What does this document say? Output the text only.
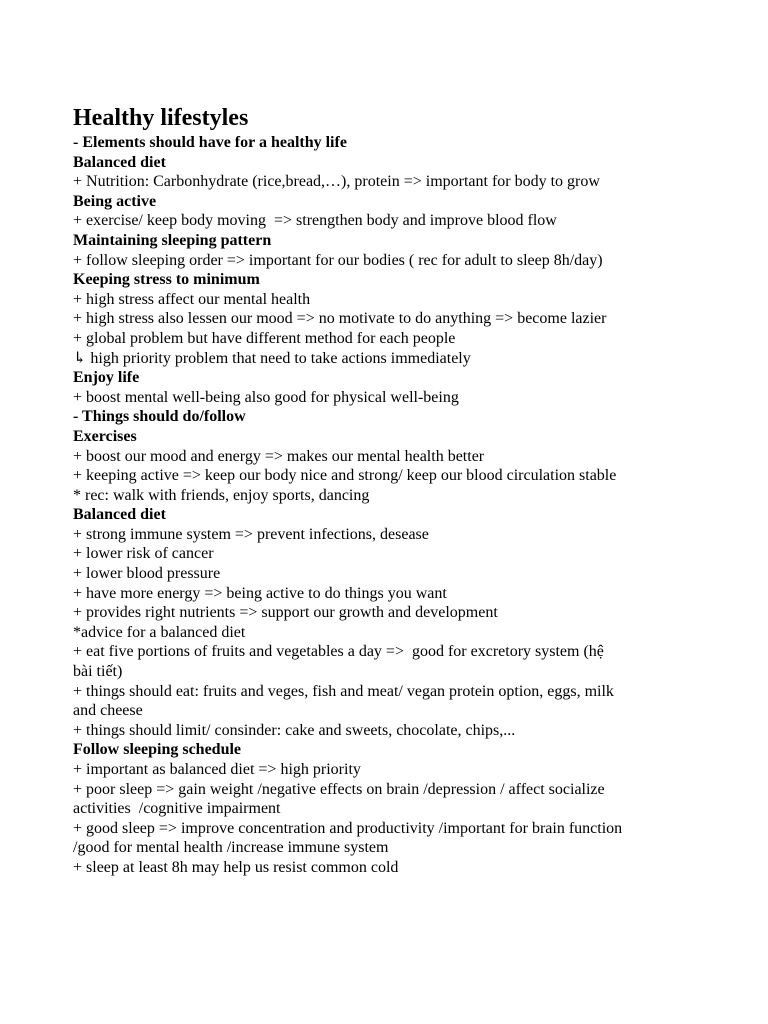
Healthy lifestyles

- Elements should have for a healthy life

Balanced diet

+ Nutrition: Carbonhydrate (rice,bread,…), protein => important for body to grow

Being active

+ exercise/ keep body moving  => strengthen body and improve blood flow

Maintaining sleeping pattern

+ follow sleeping order => important for our bodies ( rec for adult to sleep 8h/day)

Keeping stress to minimum

+ high stress affect our mental health

+ high stress also lessen our mood => no motivate to do anything => become lazier

+ global problem but have different method for each people

↳ high priority problem that need to take actions immediately

Enjoy life

+ boost mental well-being also good for physical well-being

- Things should do/follow

Exercises

+ boost our mood and energy => makes our mental health better

+ keeping active => keep our body nice and strong/ keep our blood circulation stable

* rec: walk with friends, enjoy sports, dancing

Balanced diet

+ strong immune system => prevent infections, desease

+ lower risk of cancer

+ lower blood pressure

+ have more energy => being active to do things you want

+ provides right nutrients => support our growth and development

*advice for a balanced diet

+ eat five portions of fruits and vegetables a day =>  good for excretory system (hệ

bài tiết)

+ things should eat: fruits and veges, fish and meat/ vegan protein option, eggs, milk

and cheese

+ things should limit/ consinder: cake and sweets, chocolate, chips,...

Follow sleeping schedule

+ important as balanced diet => high priority

+ poor sleep => gain weight /negative effects on brain /depression / affect socialize

activities  /cognitive impairment

+ good sleep => improve concentration and productivity /important for brain function

/good for mental health /increase immune system

+ sleep at least 8h may help us resist common cold
